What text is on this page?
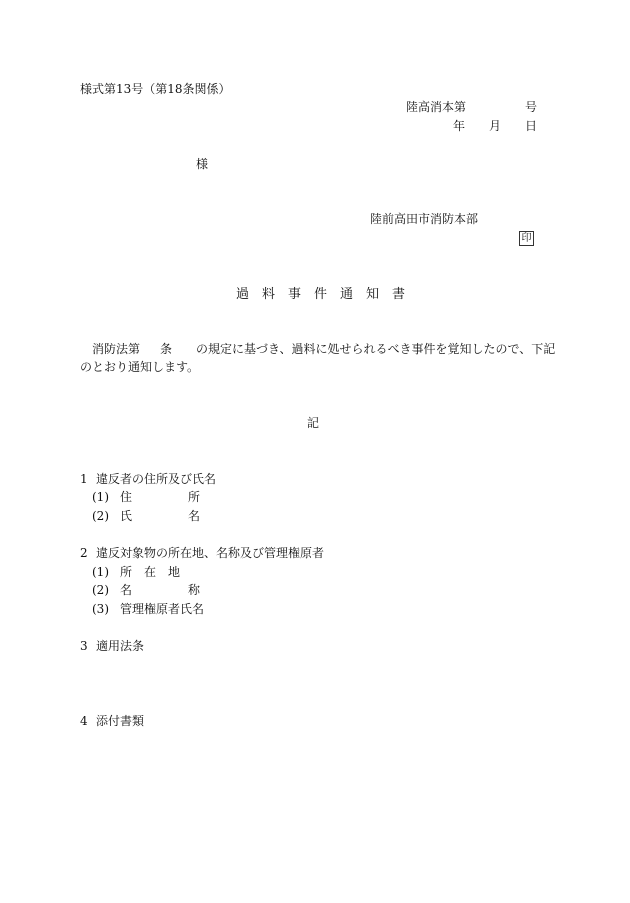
様式第13号（第18条関係）
陸高消本第	号
年 月 日
様
陸前高田市消防本部
印
過　料　事　件　通　知　書
消防法第 条 の規定に基づき、過料に処せられるべき事件を覚知したので、下記
のとおり通知します。
記
1 違反者の住所及び氏名
(1) 住	所
(2) 氏	名
2 違反対象物の所在地、名称及び管理権原者
(1) 所　在　地
(2) 名	称
(3) 管理権原者氏名
3 適用法条
4 添付書類
